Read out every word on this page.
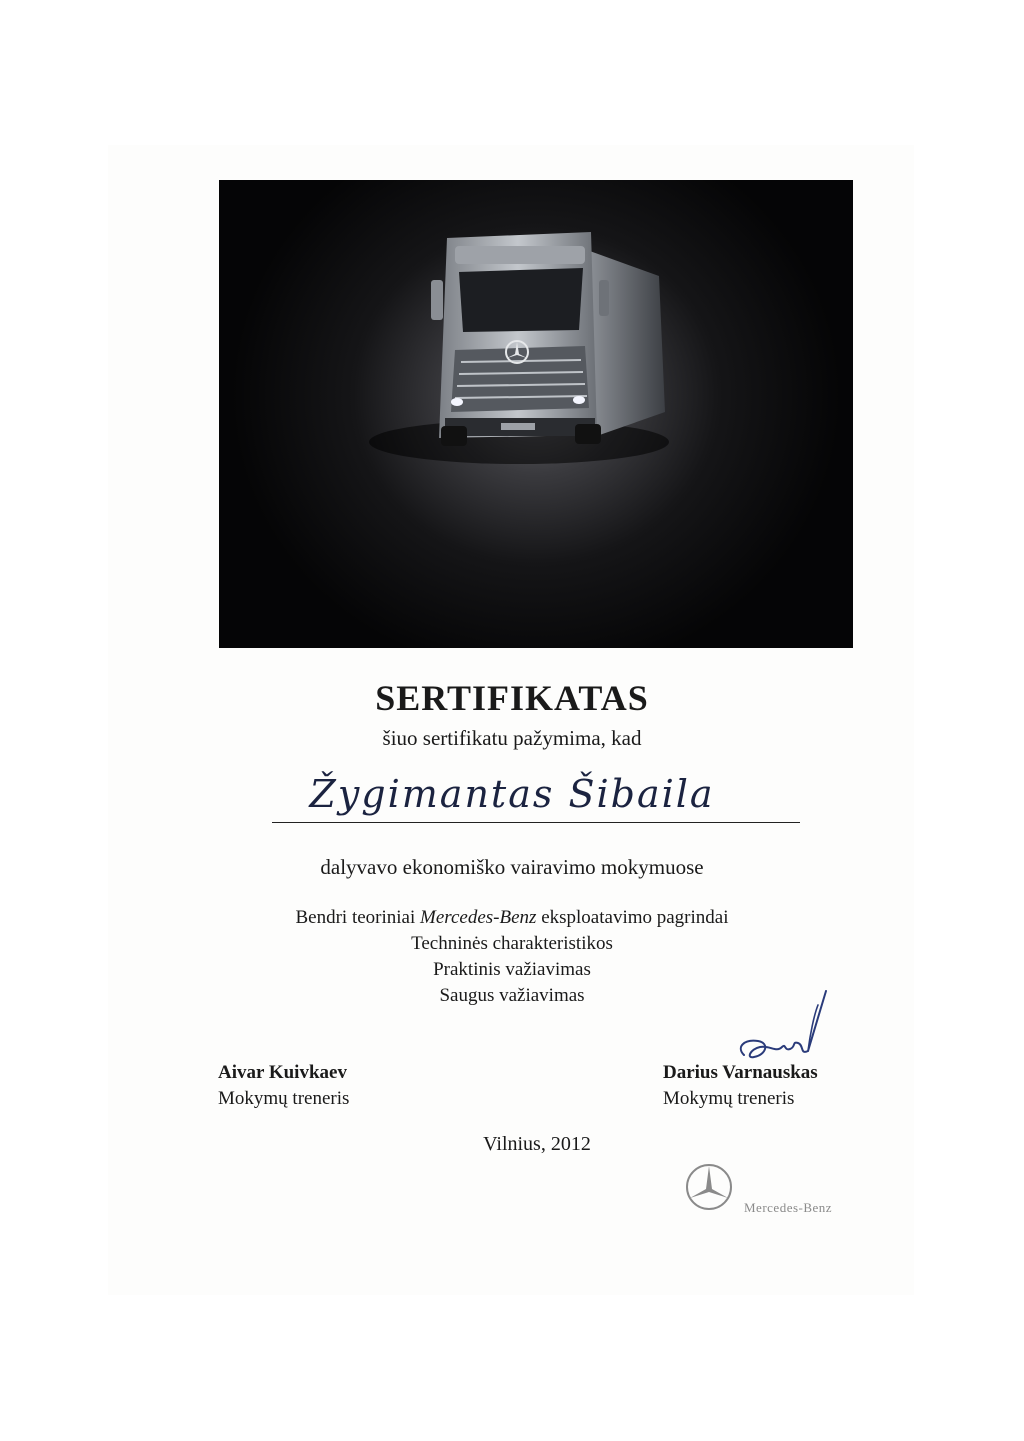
SERTIFIKATAS
šiuo sertifikatu pažymima, kad
Žygimantas Šibaila
dalyvavo ekonomiško vairavimo mokymuose
Bendri teoriniai Mercedes-Benz eksploatavimo pagrindai
Techninės charakteristikos
Praktinis važiavimas
Saugus važiavimas
Aivar Kuivkaev
Mokymų treneris
Darius Varnauskas
Mokymų treneris
Vilnius, 2012
Mercedes-Benz
